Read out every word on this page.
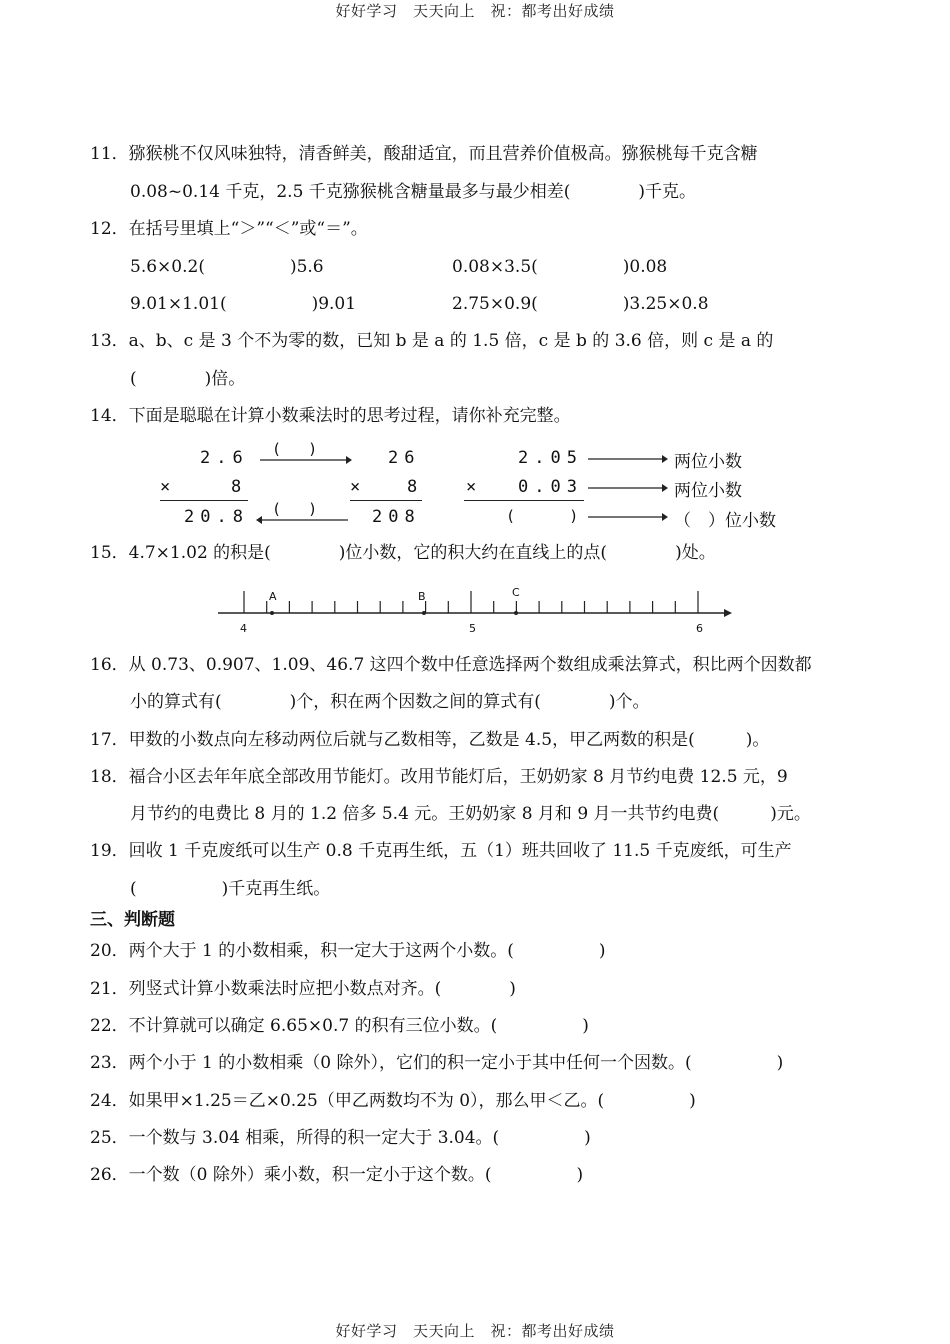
好好学习　天天向上　祝：都考出好成绩
11．猕猴桃不仅风味独特，清香鲜美，酸甜适宜，而且营养价值极高。猕猴桃每千克含糖
0.08~0.14 千克，2.5 千克猕猴桃含糖量最多与最少相差(　　　　)千克。
12．在括号里填上“＞”“＜”或“＝”。
5.6×0.2(　　　　　)5.6	0.08×3.5(　　　　　)0.08
9.01×1.01(　　　　　)9.01	2.75×0.9(　　　　　)3.25×0.8
13．a、b、c 是 3 个不为零的数，已知 b 是 a 的 1.5 倍，c 是 b 的 3.6 倍，则 c 是 a 的
(　　　　)倍。
14．下面是聪聪在计算小数乘法时的思考过程，请你补充完整。
2.6
×	8
20.8
(   )
(   )
26
×	8
208
2.05
× 0.03
(      )
两位小数
两位小数
（　）位小数
15．4.7×1.02 的积是(　　　　)位小数，它的积大约在直线上的点(　　　　)处。
A	B	C
4	5	6
16．从 0.73、0.907、1.09、46.7 这四个数中任意选择两个数组成乘法算式，积比两个因数都
小的算式有(　　　　)个，积在两个因数之间的算式有(　　　　)个。
17．甲数的小数点向左移动两位后就与乙数相等，乙数是 4.5，甲乙两数的积是(　　　)。
18．福合小区去年年底全部改用节能灯。改用节能灯后，王奶奶家 8 月节约电费 12.5 元，9
月节约的电费比 8 月的 1.2 倍多 5.4 元。王奶奶家 8 月和 9 月一共节约电费(　　　)元。
19．回收 1 千克废纸可以生产 0.8 千克再生纸，五（1）班共回收了 11.5 千克废纸，可生产
(　　　　　)千克再生纸。
三、判断题
20．两个大于 1 的小数相乘，积一定大于这两个小数。(　　　　　)
21．列竖式计算小数乘法时应把小数点对齐。(　　　　)
22．不计算就可以确定 6.65×0.7 的积有三位小数。(　　　　　)
23．两个小于 1 的小数相乘（0 除外），它们的积一定小于其中任何一个因数。(　　　　　)
24．如果甲×1.25＝乙×0.25（甲乙两数均不为 0），那么甲＜乙。(　　　　　)
25．一个数与 3.04 相乘，所得的积一定大于 3.04。(　　　　　)
26．一个数（0 除外）乘小数，积一定小于这个数。(　　　　　)
好好学习　天天向上　祝：都考出好成绩
